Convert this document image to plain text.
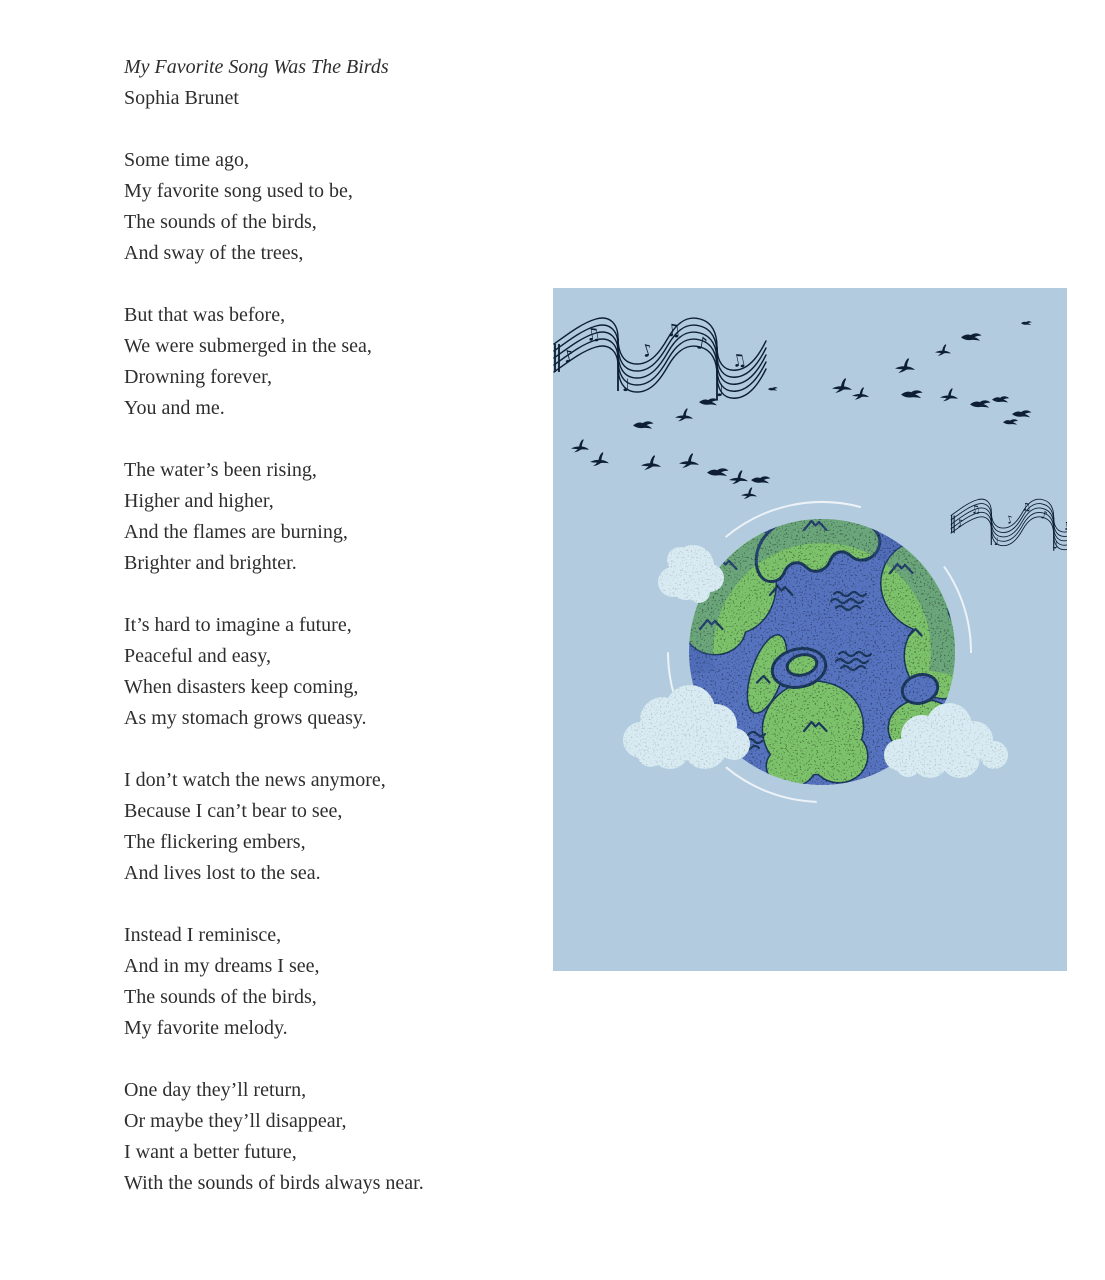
My Favorite Song Was The Birds
Sophia Brunet
Some time ago,
My favorite song used to be,
The sounds of the birds,
And sway of the trees,
But that was before,
We were submerged in the sea,
Drowning forever,
You and me.
The water’s been rising,
Higher and higher,
And the flames are burning,
Brighter and brighter.
It’s hard to imagine a future,
Peaceful and easy,
When disasters keep coming,
As my stomach grows queasy.
I don’t watch the news anymore,
Because I can’t bear to see,
The flickering embers,
And lives lost to the sea.
Instead I reminisce,
And in my dreams I see,
The sounds of the birds,
My favorite melody.
One day they’ll return,
Or maybe they’ll disappear,
I want a better future,
With the sounds of birds always near.
